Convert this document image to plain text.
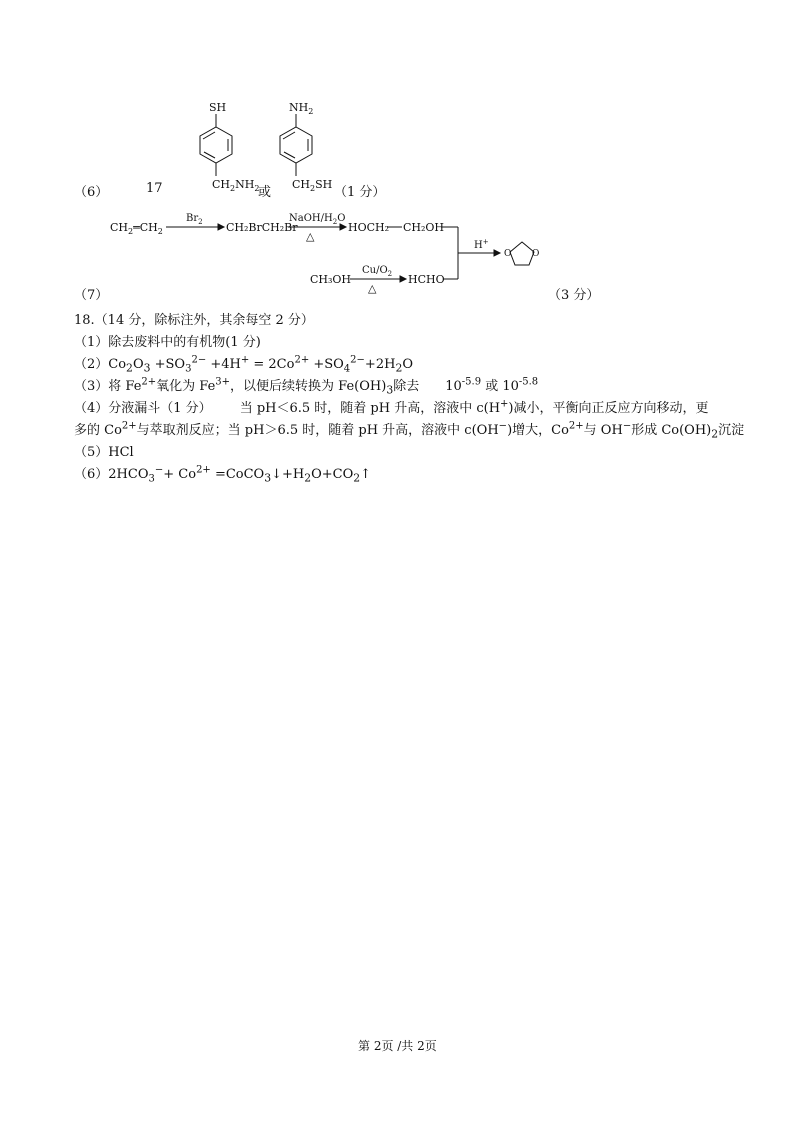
SH
$CH_2NH_2$
$NH_2$
$CH_2SH$
$CH_2═CH_2$
$Br_2$ CH₂BrCH₂Br
NaOH/$H_2O$
△
HOCH₂ CH₂OH
H+
CH₃OH
$Cu/O_2$
△
HCHO
O O
（6）	17	或	（1 分）
（7）	（3 分）
18.（14 分，除标注外，其余每空 2 分）
（1）除去废料中的有机物(1 分)
$(2)Co_2O_3 +SO_3^{2-} +4H^+ = 2Co^{2+} +SO_4^{2-}+2H_2O$
（3）将 $Fe^{2+}$氧化为 $Fe^{3+}$，以便后续转换为 $Fe(OH)_3$除去 $10^{-5.9}$ 或 $10^{-5.8}$
（4）分液漏斗（1 分） 当 pH＜6.5 时，随着 pH 升高，溶液中 c(H+)减小，平衡向正反应方向移动，更
多的 $Co^{2+}$与萃取剂反应；当 pH＞6.5 时，随着 pH 升高，溶液中 c(OH−)增大，$Co^{2+}$与 OH−形成 $Co(OH)_2$沉淀
（5）HCl
$(6)2HCO_3^-+ Co^{2+}$ $=CoCO_3↓+H_2O+CO_2↑$
第 2页 /共 2页
